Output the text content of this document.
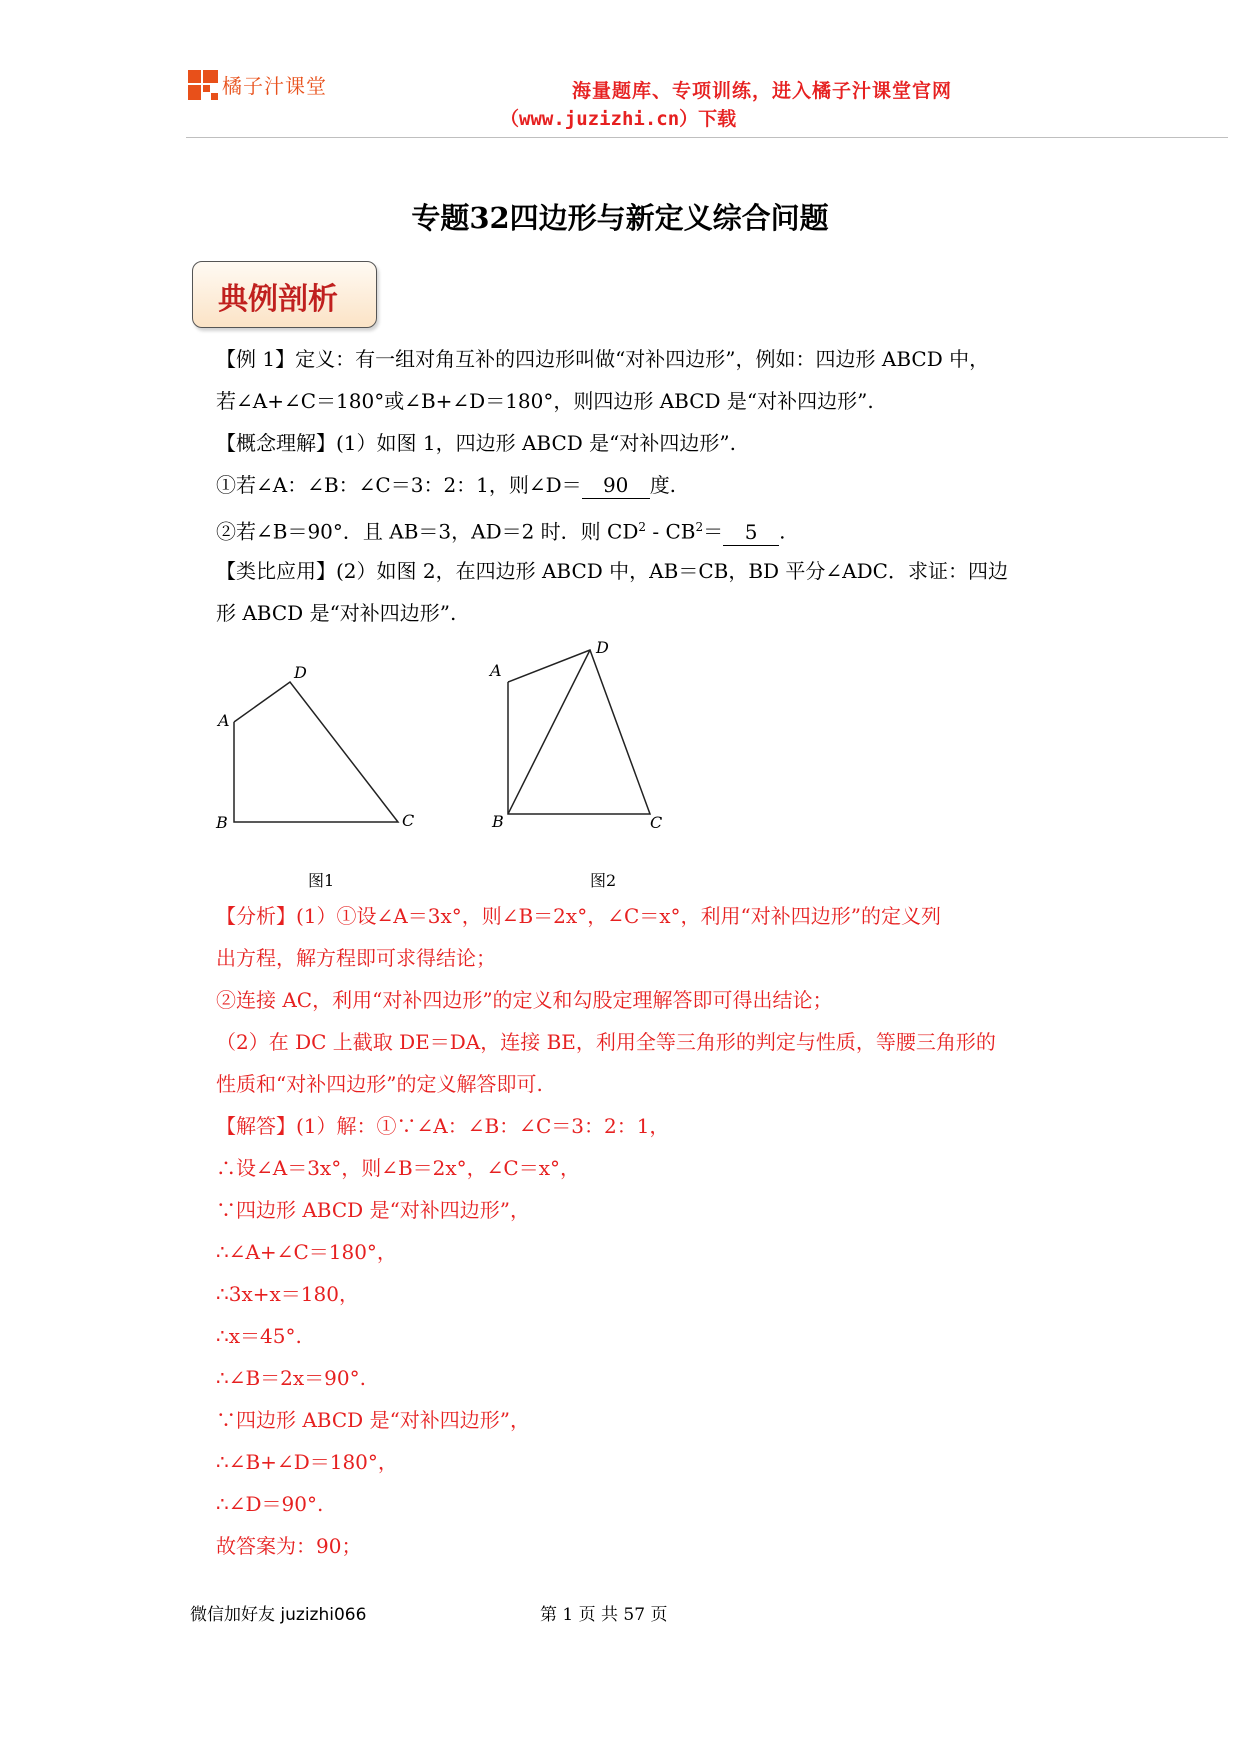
橘子汁课堂	海量题库、专项训练，进入橘子汁课堂官网
（www.juzizhi.cn）下载
专题32四边形与新定义综合问题
典例剖析
【例 1】定义：有一组对角互补的四边形叫做“对补四边形”，例如：四边形 ABCD 中，
若∠A+∠C＝180°或∠B+∠D＝180°，则四边形 ABCD 是“对补四边形”.
【概念理解】(1）如图 1，四边形 ABCD 是“对补四边形”.
①若∠A：∠B：∠C＝3：2：1，则∠D＝ 90 度.
②若∠B＝90°．且 AB＝3，AD＝2 时．则 $CD^2 - CB^2= 5$ .
【类比应用】(2）如图 2，在四边形 ABCD 中，AB＝CB，BD 平分∠ADC．求证：四边
形 ABCD 是“对补四边形”.
A
D
B	C
A
D
B	C
图1	图2
【分析】(1）①设∠A＝3x°，则∠B＝2x°，∠C＝x°，利用“对补四边形”的定义列
出方程，解方程即可求得结论；
②连接 AC，利用“对补四边形”的定义和勾股定理解答即可得出结论；
（2）在 DC 上截取 DE＝DA，连接 BE，利用全等三角形的判定与性质，等腰三角形的
性质和“对补四边形”的定义解答即可.
【解答】(1）解：①∵∠A：∠B：∠C＝3：2：1，
∴设∠A＝3x°，则∠B＝2x°，∠C＝x°，
∵四边形 ABCD 是“对补四边形”，
∴∠A+∠C＝180°，
∴3x+x＝180，
∴x＝45°.
∴∠B＝2x＝90°.
∵四边形 ABCD 是“对补四边形”，
∴∠B+∠D＝180°，
∴∠D＝90°.
故答案为：90；
微信加好友 juzizhi066	第 1 页 共 57 页
